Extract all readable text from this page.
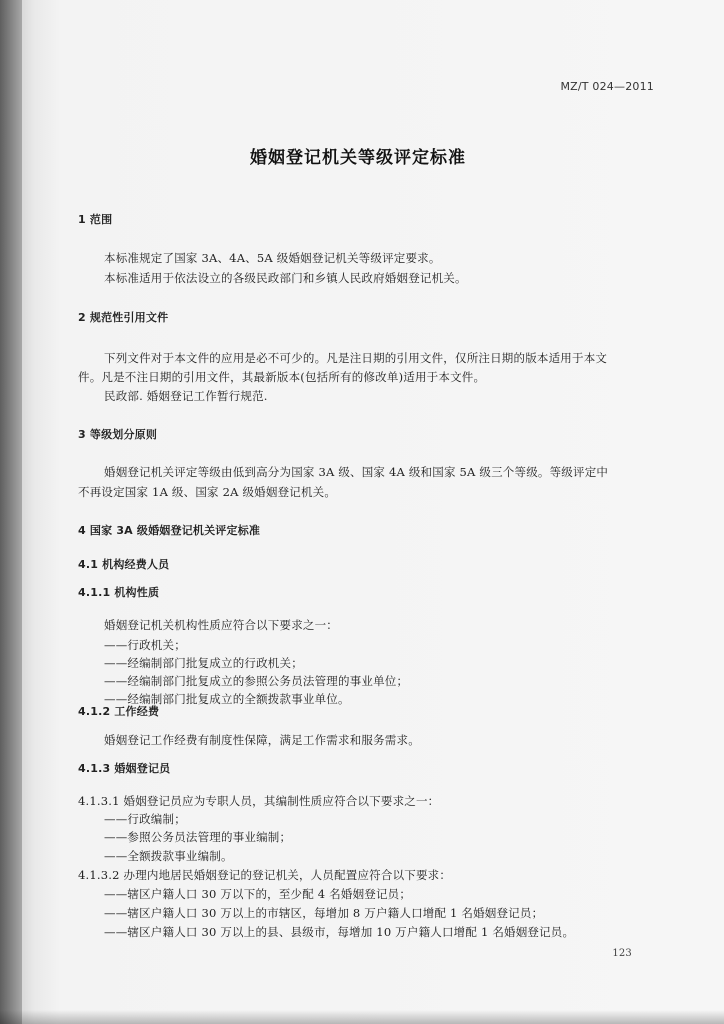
MZ/T 024—2011
婚姻登记机关等级评定标准
1 范围
本标准规定了国家 3A、4A、5A 级婚姻登记机关等级评定要求。
本标准适用于依法设立的各级民政部门和乡镇人民政府婚姻登记机关。
2 规范性引用文件
下列文件对于本文件的应用是必不可少的。凡是注日期的引用文件，仅所注日期的版本适用于本文
件。凡是不注日期的引用文件，其最新版本(包括所有的修改单)适用于本文件。
民政部. 婚姻登记工作暂行规范.
3 等级划分原则
婚姻登记机关评定等级由低到高分为国家 3A 级、国家 4A 级和国家 5A 级三个等级。等级评定中
不再设定国家 1A 级、国家 2A 级婚姻登记机关。
4 国家 3A 级婚姻登记机关评定标准
4.1 机构经费人员
4.1.1 机构性质
婚姻登记机关机构性质应符合以下要求之一：
——行政机关；
——经编制部门批复成立的行政机关；
——经编制部门批复成立的参照公务员法管理的事业单位；
——经编制部门批复成立的全额拨款事业单位。
4.1.2 工作经费
婚姻登记工作经费有制度性保障，满足工作需求和服务需求。
4.1.3 婚姻登记员
4.1.3.1 婚姻登记员应为专职人员，其编制性质应符合以下要求之一：
——行政编制；
——参照公务员法管理的事业编制；
——全额拨款事业编制。
4.1.3.2 办理内地居民婚姻登记的登记机关，人员配置应符合以下要求：
——辖区户籍人口 30 万以下的，至少配 4 名婚姻登记员；
——辖区户籍人口 30 万以上的市辖区，每增加 8 万户籍人口增配 1 名婚姻登记员；
——辖区户籍人口 30 万以上的县、县级市，每增加 10 万户籍人口增配 1 名婚姻登记员。
123
